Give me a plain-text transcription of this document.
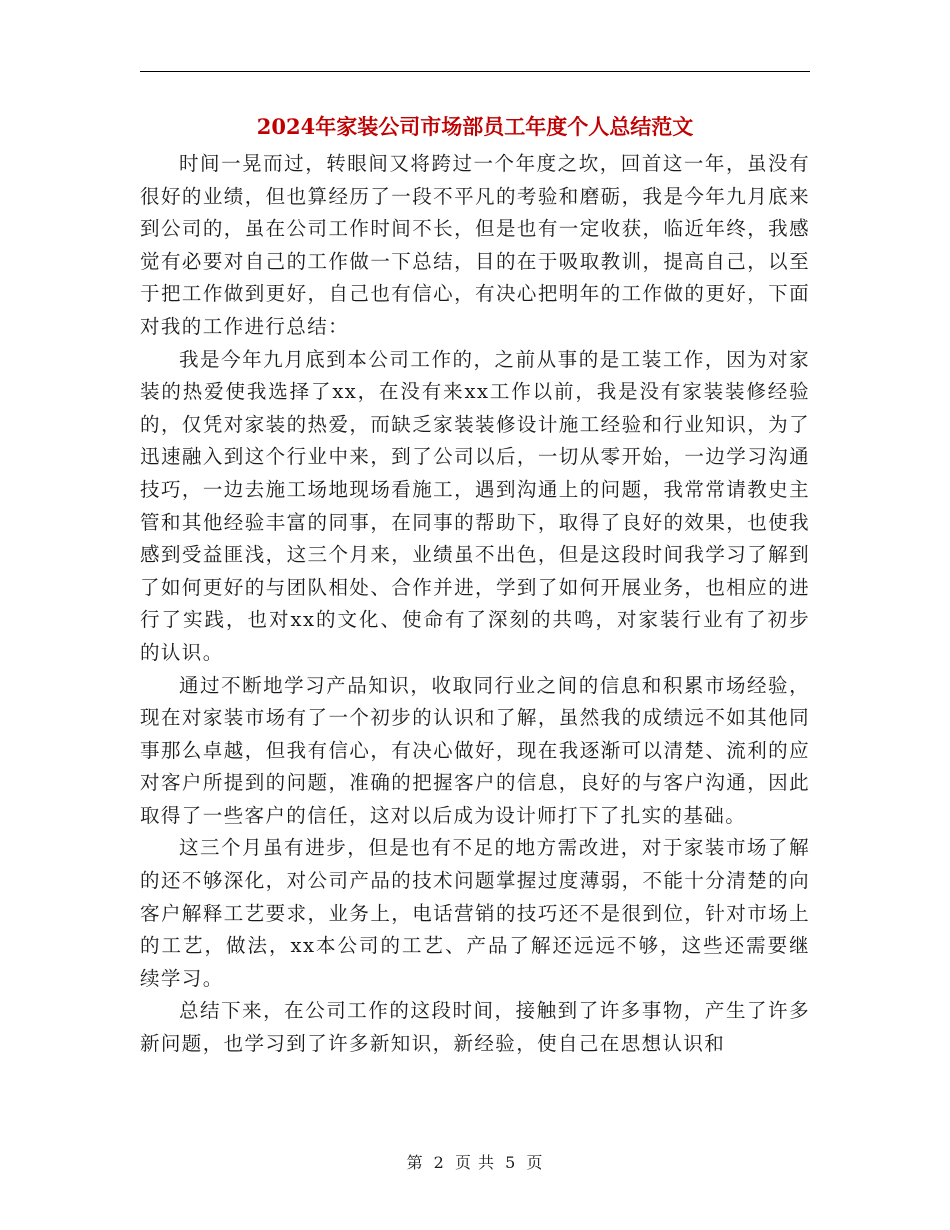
2024年家装公司市场部员工年度个人总结范文

时间一晃而过，转眼间又将跨过一个年度之坎，回首这一年，虽没有很好的业绩，但也算经历了一段不平凡的考验和磨砺，我是今年九月底来到公司的，虽在公司工作时间不长，但是也有一定收获，临近年终，我感觉有必要对自己的工作做一下总结，目的在于吸取教训，提高自己，以至于把工作做到更好，自己也有信心，有决心把明年的工作做的更好，下面对我的工作进行总结：

我是今年九月底到本公司工作的，之前从事的是工装工作，因为对家装的热爱使我选择了xx，在没有来xx工作以前，我是没有家装装修经验的，仅凭对家装的热爱，而缺乏家装装修设计施工经验和行业知识，为了迅速融入到这个行业中来，到了公司以后，一切从零开始，一边学习沟通技巧，一边去施工场地现场看施工，遇到沟通上的问题，我常常请教史主管和其他经验丰富的同事，在同事的帮助下，取得了良好的效果，也使我感到受益匪浅，这三个月来，业绩虽不出色，但是这段时间我学习了解到了如何更好的与团队相处、合作并进，学到了如何开展业务，也相应的进行了实践，也对xx的文化、使命有了深刻的共鸣，对家装行业有了初步的认识。

通过不断地学习产品知识，收取同行业之间的信息和积累市场经验，现在对家装市场有了一个初步的认识和了解，虽然我的成绩远不如其他同事那么卓越，但我有信心，有决心做好，现在我逐渐可以清楚、流利的应对客户所提到的问题，准确的把握客户的信息，良好的与客户沟通，因此取得了一些客户的信任，这对以后成为设计师打下了扎实的基础。

这三个月虽有进步，但是也有不足的地方需改进，对于家装市场了解的还不够深化，对公司产品的技术问题掌握过度薄弱，不能十分清楚的向客户解释工艺要求，业务上，电话营销的技巧还不是很到位，针对市场上的工艺，做法，xx本公司的工艺、产品了解还远远不够，这些还需要继续学习。

总结下来，在公司工作的这段时间，接触到了许多事物，产生了许多新问题，也学习到了许多新知识，新经验，使自己在思想认识和

第 2 页 共 5 页
